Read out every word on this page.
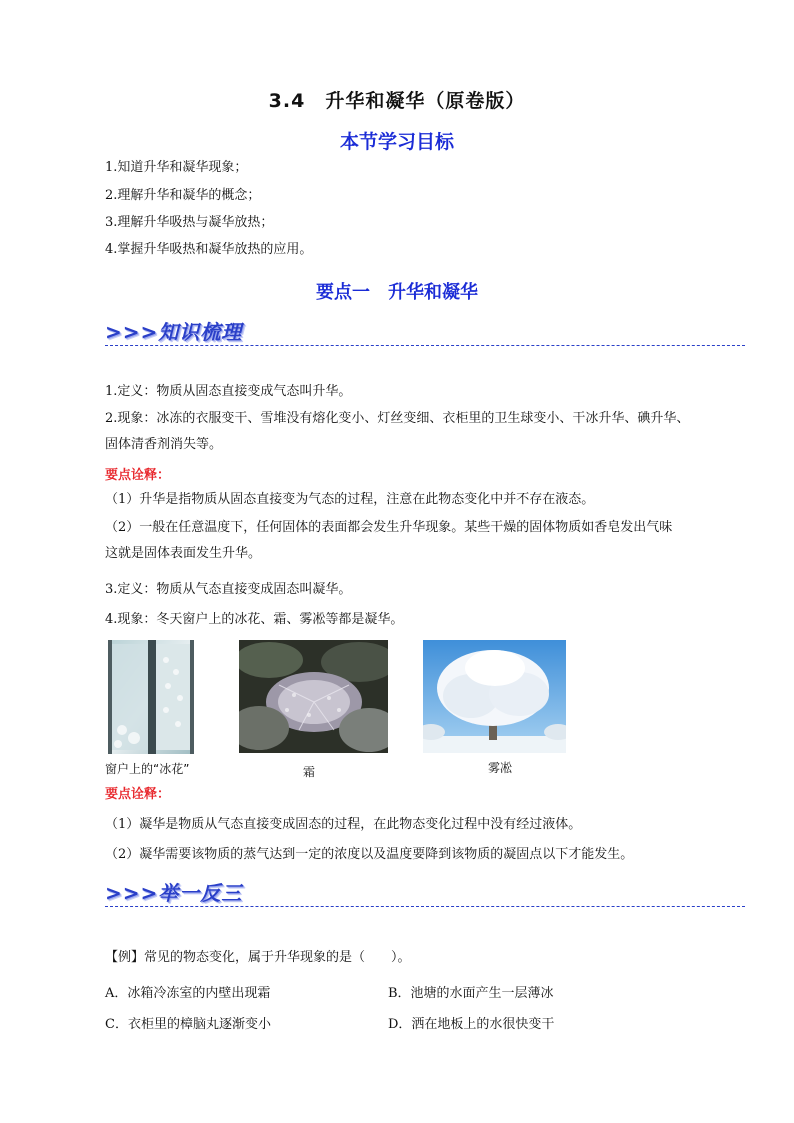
3.4　升华和凝华（原卷版）
本节学习目标
1.知道升华和凝华现象；
2.理解升华和凝华的概念；
3.理解升华吸热与凝华放热；
4.掌握升华吸热和凝华放热的应用。
要点一　升华和凝华
>>>知识梳理
1.定义：物质从固态直接变成气态叫升华。
2.现象：冰冻的衣服变干、雪堆没有熔化变小、灯丝变细、衣柜里的卫生球变小、干冰升华、碘升华、
固体清香剂消失等。
要点诠释：
（1）升华是指物质从固态直接变为气态的过程，注意在此物态变化中并不存在液态。
（2）一般在任意温度下，任何固体的表面都会发生升华现象。某些干燥的固体物质如香皂发出气味
这就是固体表面发生升华。
3.定义：物质从气态直接变成固态叫凝华。
4.现象：冬天窗户上的冰花、霜、雾凇等都是凝华。
窗户上的“冰花”	霜	雾凇
要点诠释：
（1）凝华是物质从气态直接变成固态的过程，在此物态变化过程中没有经过液体。
（2）凝华需要该物质的蒸气达到一定的浓度以及温度要降到该物质的凝固点以下才能发生。
>>>举一反三
【例】常见的物态变化，属于升华现象的是（　　）。
A．冰箱冷冻室的内壁出现霜	B．池塘的水面产生一层薄冰
C．衣柜里的樟脑丸逐渐变小	D．洒在地板上的水很快变干
